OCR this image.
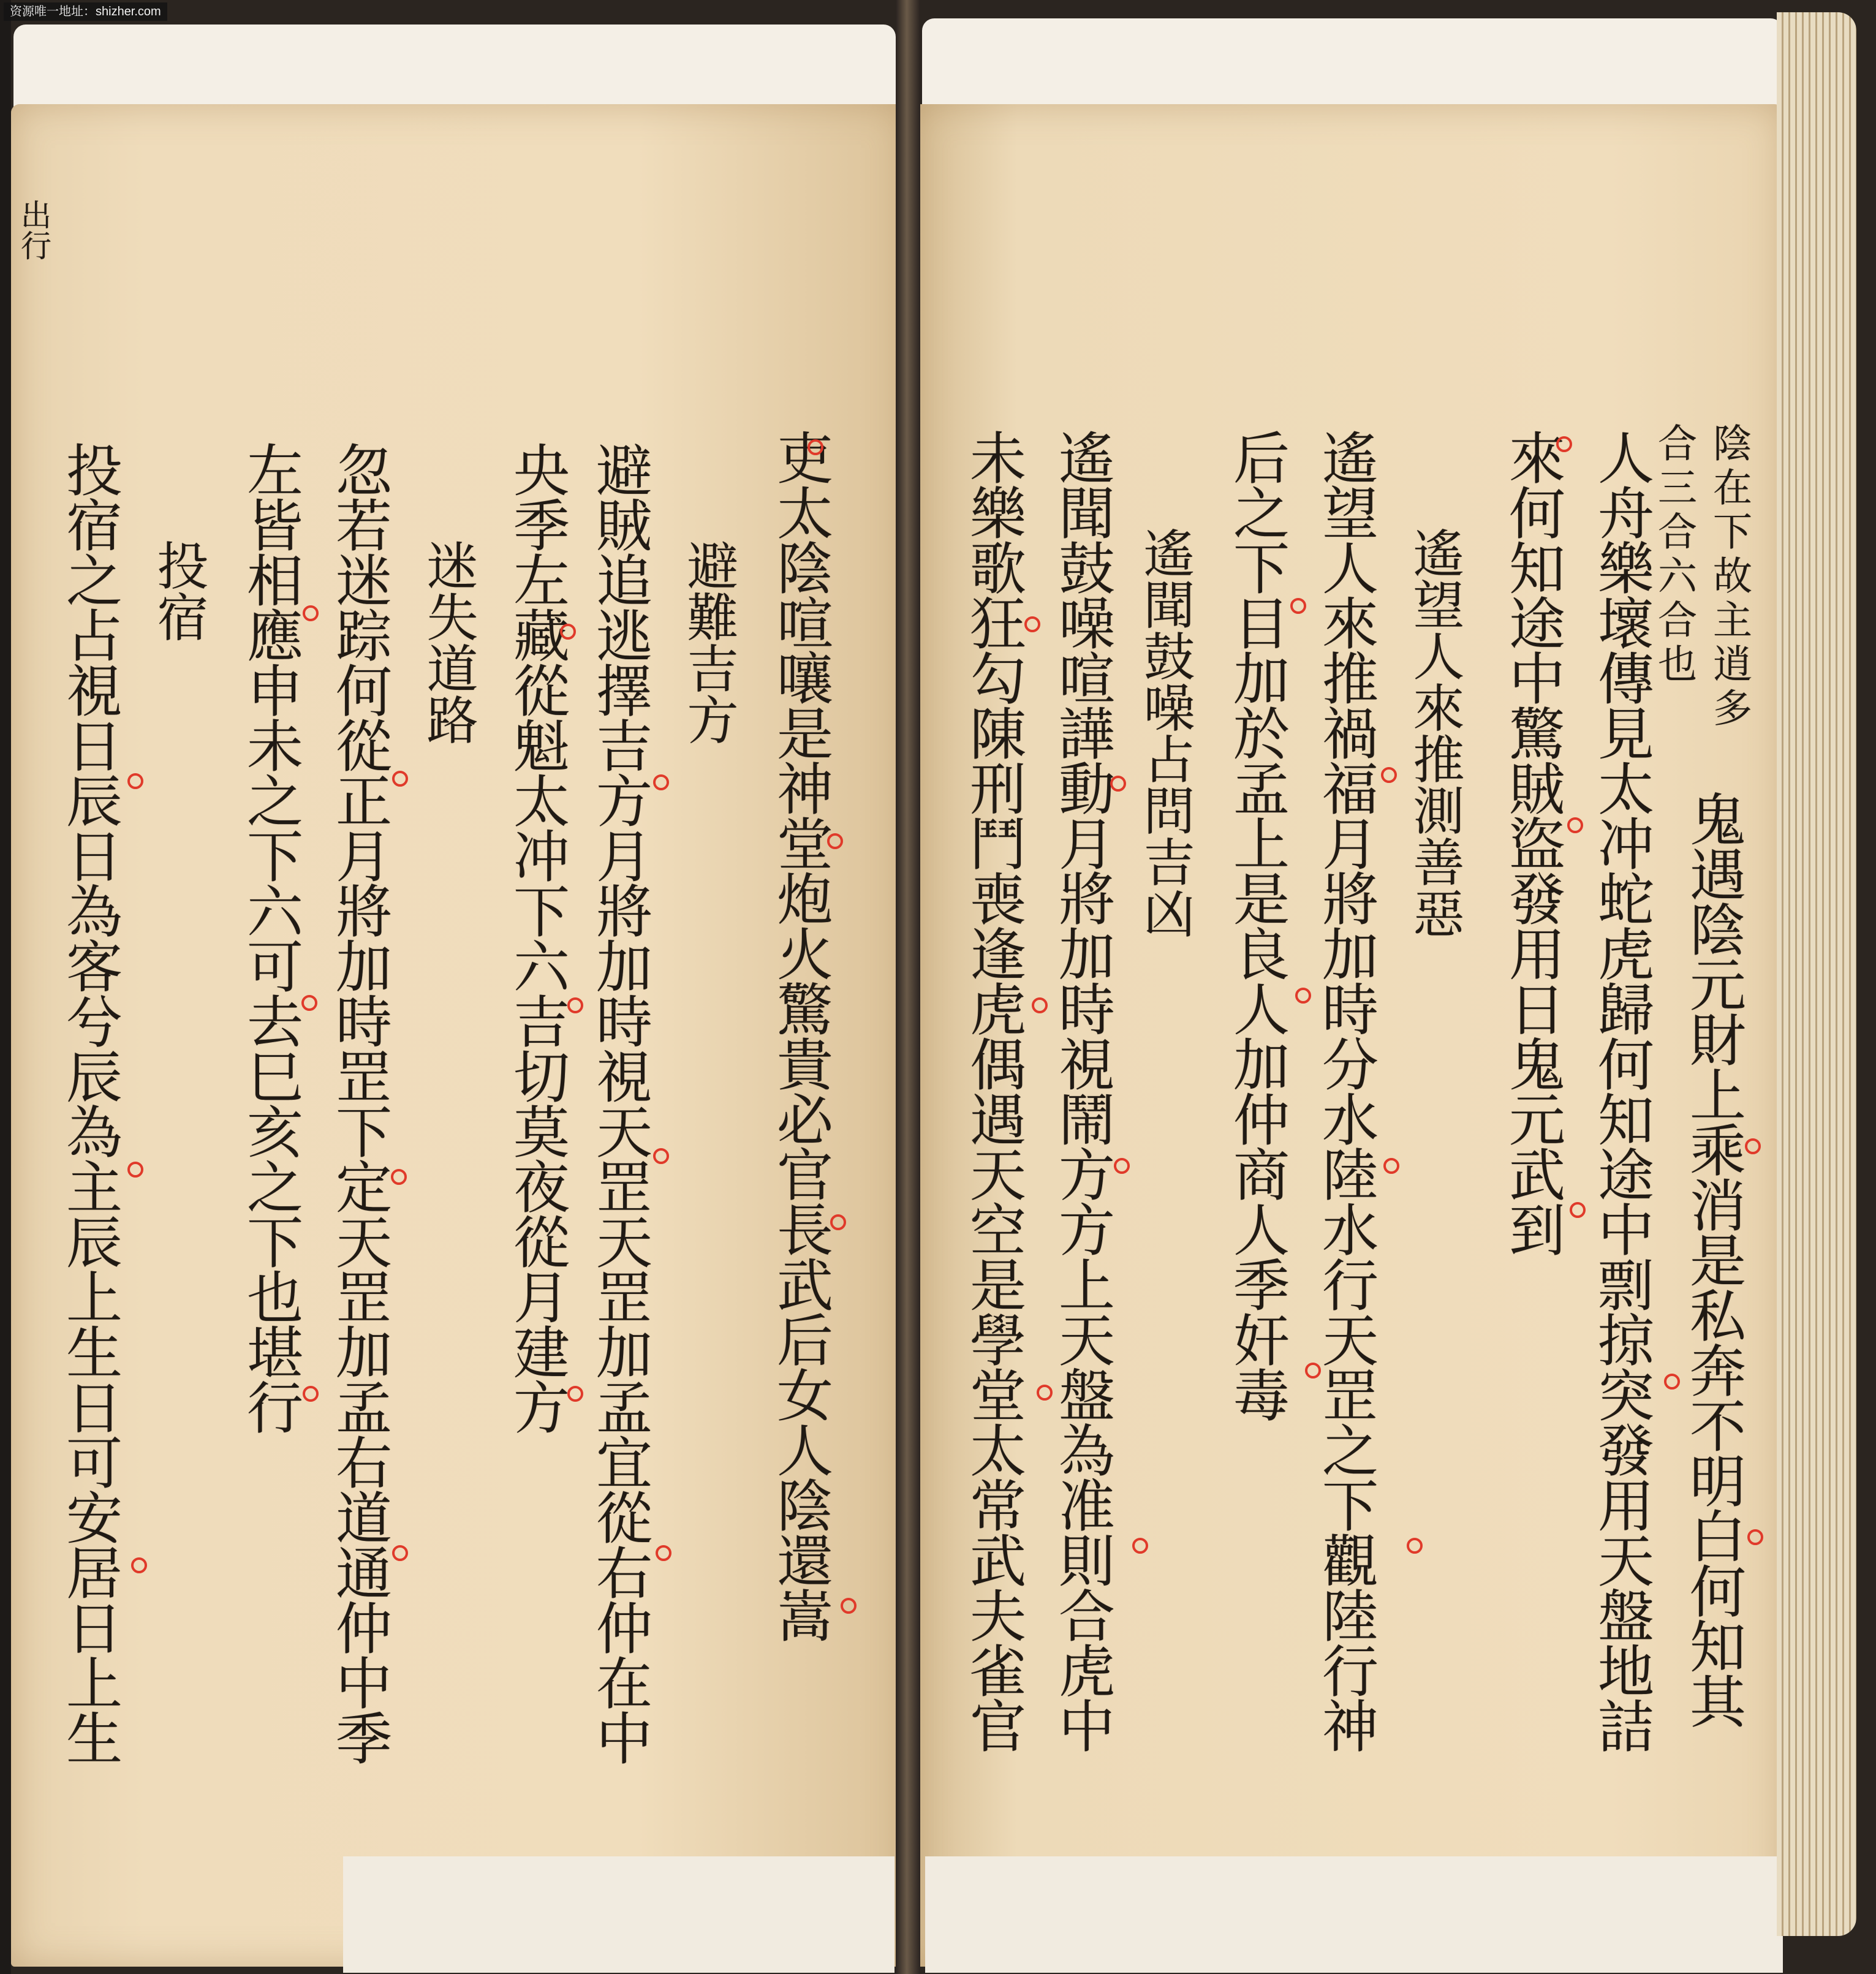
资源唯一地址：shizher.com
出行
吏太陰喧嚷是神堂炮火驚貴必官長武后女人陰還嵩
避難吉方
避賊追逃擇吉方月將加時視天罡天罡加孟宜從右仲在中
央季左藏從魁太冲下六吉切莫夜從月建方
迷失道路
忽若迷踪何從正月將加時罡下定天罡加孟右道通仲中季
左皆相應申未之下六可去巳亥之下也堪行
投宿
投宿之占視日辰日為客兮辰為主辰上生日可安居日上生	陰在下故主逍多
合三合六合也
鬼遇陰元財上乘消是私奔不明白何知其
人舟樂壞傳見太冲蛇虎歸何知途中剽掠突發用天盤地詰
來何知途中驚賊盜發用日鬼元武到
遙望人來推測善惡
遙望人來推禍福月將加時分水陸水行天罡之下觀陸行神
后之下目加於孟上是良人加仲商人季奸毒
遙聞鼓噪占問吉凶
遙聞鼓噪喧譁動月將加時視鬧方方上天盤為准則合虎中
未樂歌狂勾陳刑鬥喪逢虎偶遇天空是學堂太常武夫雀官
